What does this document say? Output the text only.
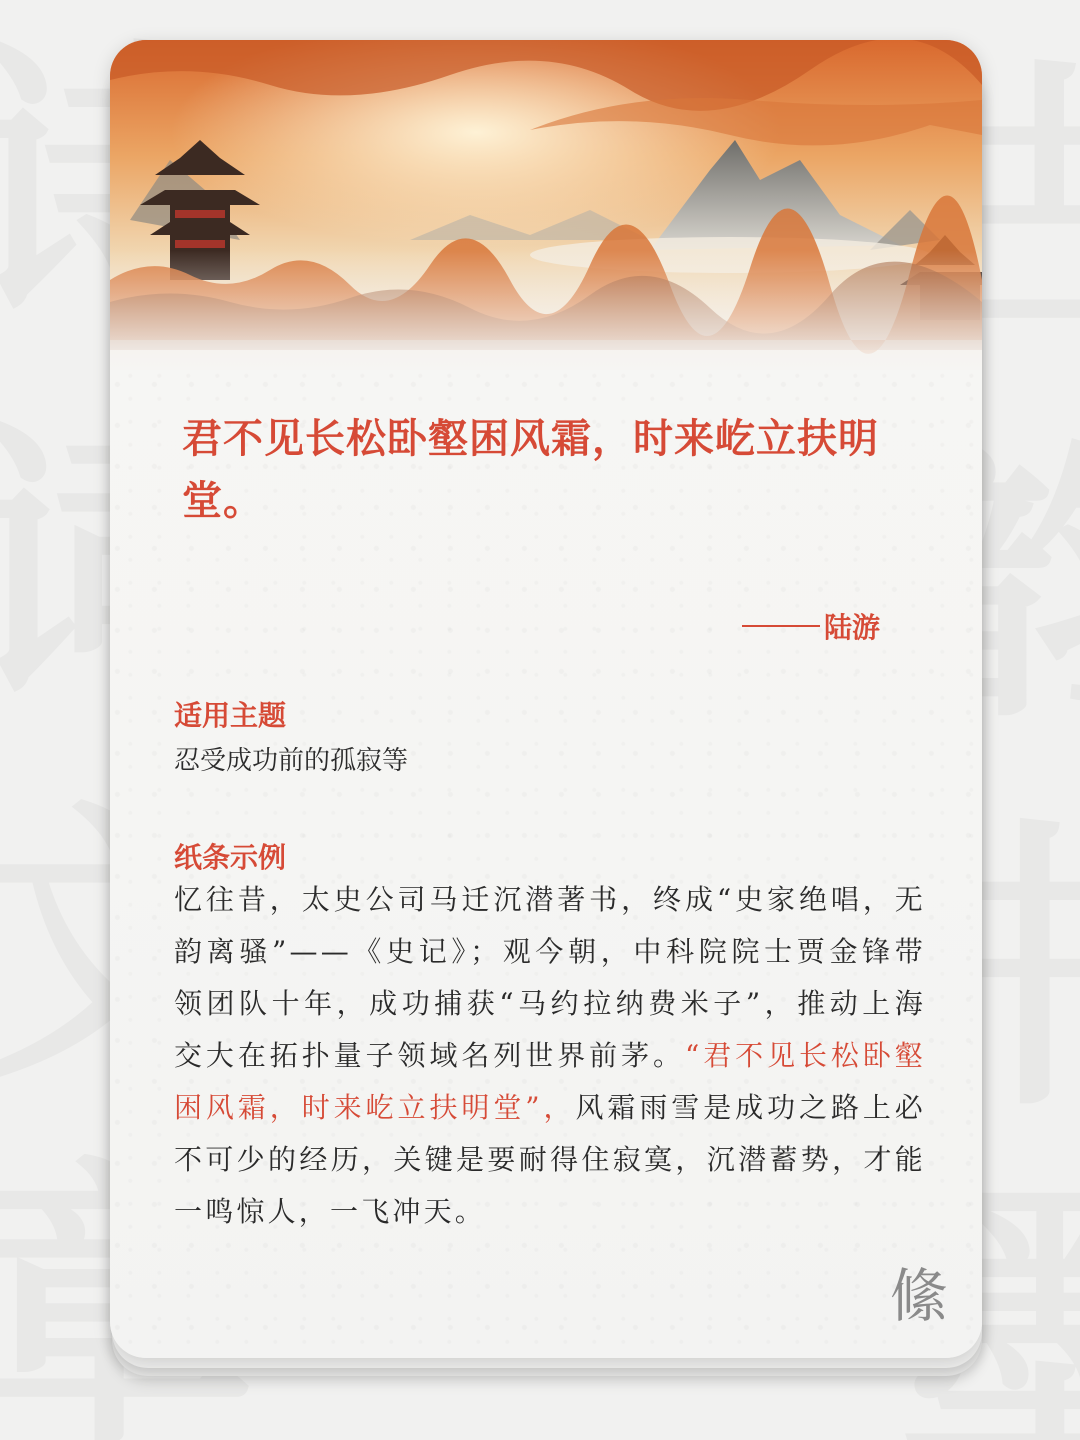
君不见长松卧壑困风霜，时来屹立扶明堂。

陆游
适用主题

忍受成功前的孤寂等

纸条示例

忆往昔，太史公司马迁沉潜著书，终成“史家绝唱，无韵离骚”——《史记》；观今朝，中科院院士贾金锋带领团队十年，成功捕获“马约拉纳费米子”，推动上海交大在拓扑量子领域名列世界前茅。“君不见长松卧壑困风霜，时来屹立扶明堂”，风霜雨雪是成功之路上必不可少的经历，关键是要耐得住寂寞，沉潜蓄势，才能一鸣惊人，一飞冲天。

絛
